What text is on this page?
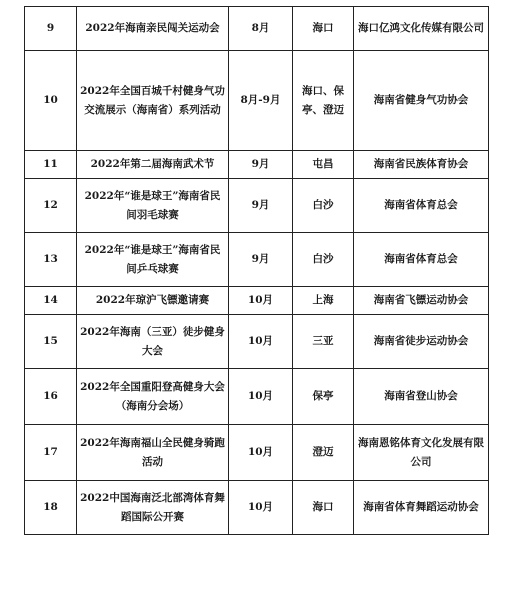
9	2022年海南亲民闯关运动会	8月	海口	海口亿鸿文化传媒有限公司
10	2022年全国百城千村健身气功交流展示（海南省）系列活动	8月-9月	海口、保亭、澄迈	海南省健身气功协会
11	2022年第二届海南武术节	9月	屯昌	海南省民族体育协会
12	2022年“谁是球王”海南省民间羽毛球赛	9月	白沙	海南省体育总会
13	2022年“谁是球王”海南省民间乒乓球赛	9月	白沙	海南省体育总会
14	2022年琼沪飞镖邀请赛	10月	上海	海南省飞镖运动协会
15	2022年海南（三亚）徒步健身大会	10月	三亚	海南省徒步运动协会
16	2022年全国重阳登高健身大会（海南分会场）	10月	保亭	海南省登山协会
17	2022年海南福山全民健身骑跑活动	10月	澄迈	海南恩铭体育文化发展有限公司
18	2022中国海南泛北部湾体育舞蹈国际公开赛	10月	海口	海南省体育舞蹈运动协会
